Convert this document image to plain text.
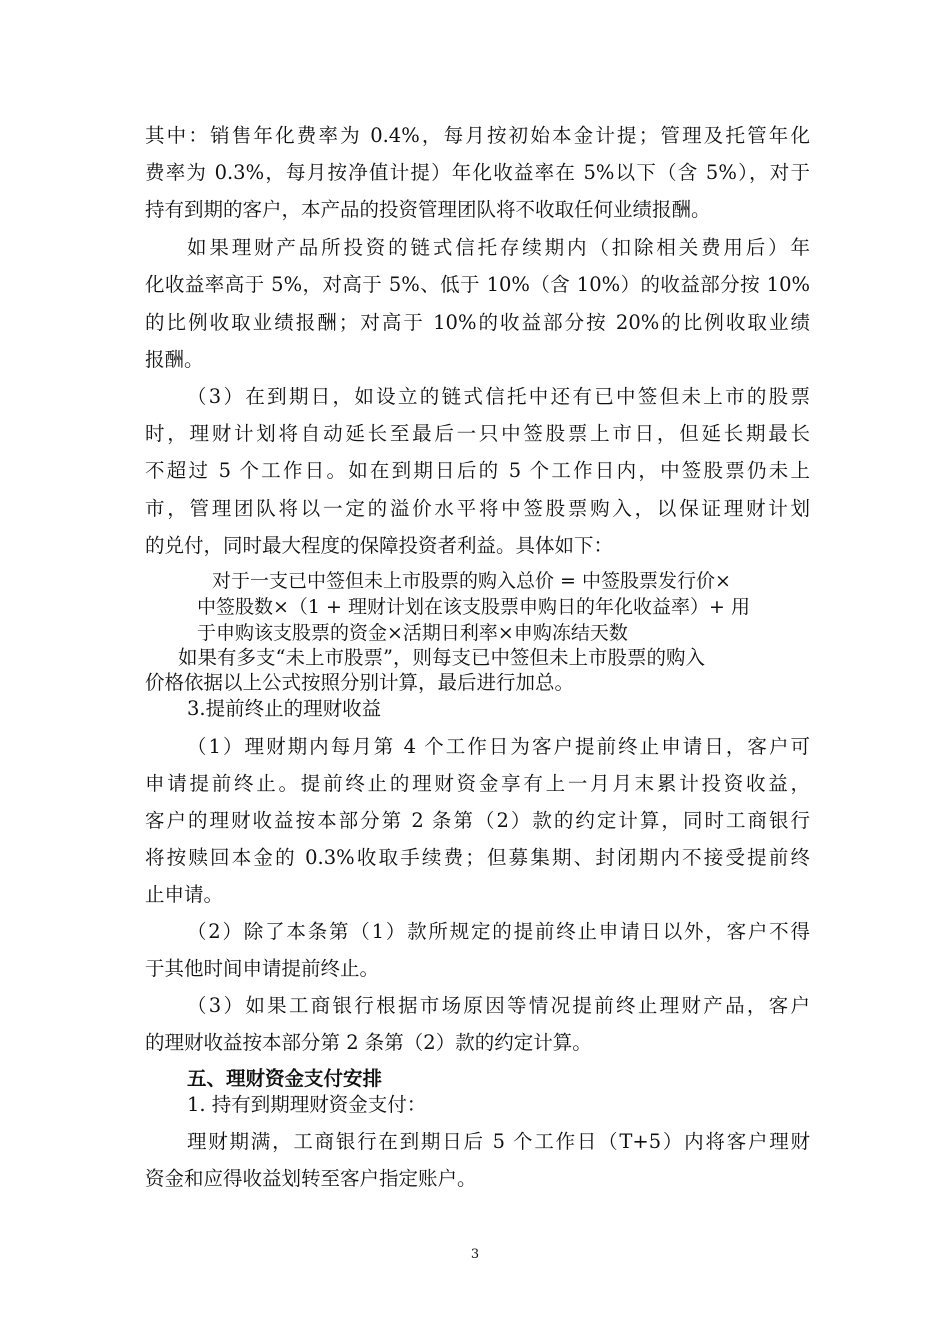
其中：销售年化费率为 0.4%，每月按初始本金计提；管理及托管年化
费率为 0.3%，每月按净值计提）年化收益率在 5%以下（含 5%），对于
持有到期的客户，本产品的投资管理团队将不收取任何业绩报酬。
如果理财产品所投资的链式信托存续期内（扣除相关费用后）年
化收益率高于 5%，对高于 5%、低于 10%（含 10%）的收益部分按 10%
的比例收取业绩报酬；对高于 10%的收益部分按 20%的比例收取业绩
报酬。
（3）在到期日，如设立的链式信托中还有已中签但未上市的股票
时，理财计划将自动延长至最后一只中签股票上市日，但延长期最长
不超过 5 个工作日。如在到期日后的 5 个工作日内，中签股票仍未上
市，管理团队将以一定的溢价水平将中签股票购入，以保证理财计划
的兑付，同时最大程度的保障投资者利益。具体如下：
对于一支已中签但未上市股票的购入总价 = 中签股票发行价×
中签股数×（1 + 理财计划在该支股票申购日的年化收益率）+ 用
于申购该支股票的资金×活期日利率×申购冻结天数
如果有多支“未上市股票”，则每支已中签但未上市股票的购入
价格依据以上公式按照分别计算，最后进行加总。
3.提前终止的理财收益
（1）理财期内每月第 4 个工作日为客户提前终止申请日，客户可
申请提前终止。提前终止的理财资金享有上一月月末累计投资收益，
客户的理财收益按本部分第 2 条第（2）款的约定计算，同时工商银行
将按赎回本金的 0.3%收取手续费；但募集期、封闭期内不接受提前终
止申请。
（2）除了本条第（1）款所规定的提前终止申请日以外，客户不得
于其他时间申请提前终止。
（3）如果工商银行根据市场原因等情况提前终止理财产品，客户
的理财收益按本部分第 2 条第（2）款的约定计算。
五、理财资金支付安排
1. 持有到期理财资金支付：
理财期满，工商银行在到期日后 5 个工作日（T+5）内将客户理财
资金和应得收益划转至客户指定账户。
3
